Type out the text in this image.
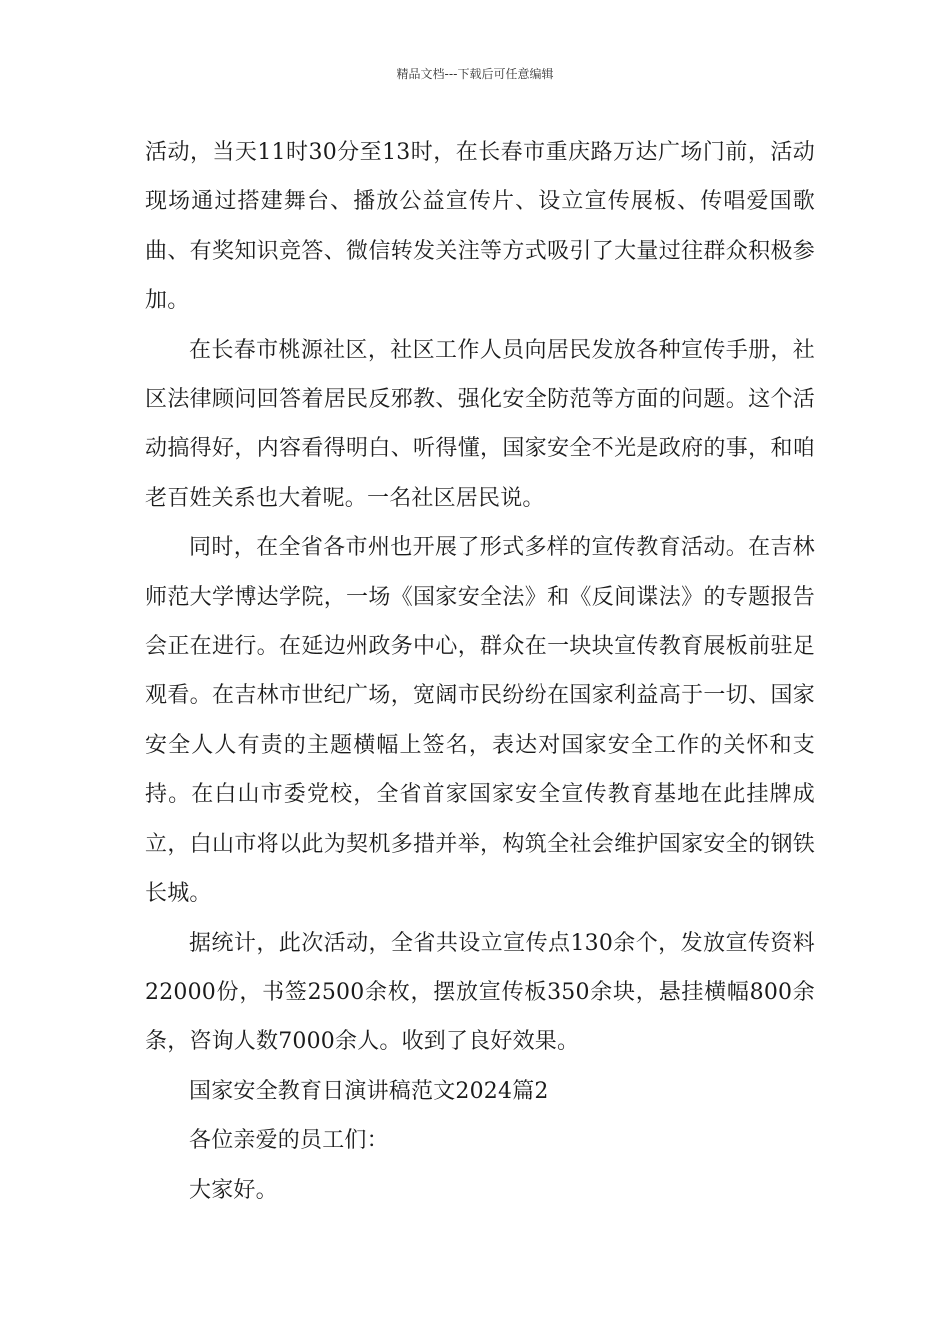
精品文档---下载后可任意编辑

活动，当天11时30分至13时，在长春市重庆路万达广场门前，活动现场通过搭建舞台、播放公益宣传片、设立宣传展板、传唱爱国歌曲、有奖知识竞答、微信转发关注等方式吸引了大量过往群众积极参加。

在长春市桃源社区，社区工作人员向居民发放各种宣传手册，社区法律顾问回答着居民反邪教、强化安全防范等方面的问题。这个活动搞得好，内容看得明白、听得懂，国家安全不光是政府的事，和咱老百姓关系也大着呢。一名社区居民说。

同时，在全省各市州也开展了形式多样的宣传教育活动。在吉林师范大学博达学院，一场《国家安全法》和《反间谍法》的专题报告会正在进行。在延边州政务中心，群众在一块块宣传教育展板前驻足观看。在吉林市世纪广场，宽阔市民纷纷在国家利益高于一切、国家安全人人有责的主题横幅上签名，表达对国家安全工作的关怀和支持。在白山市委党校，全省首家国家安全宣传教育基地在此挂牌成立，白山市将以此为契机多措并举，构筑全社会维护国家安全的钢铁长城。

据统计，此次活动，全省共设立宣传点130余个，发放宣传资料22000份，书签2500余枚，摆放宣传板350余块，悬挂横幅800余条，咨询人数7000余人。收到了良好效果。

国家安全教育日演讲稿范文2024篇2

各位亲爱的员工们：

大家好。
